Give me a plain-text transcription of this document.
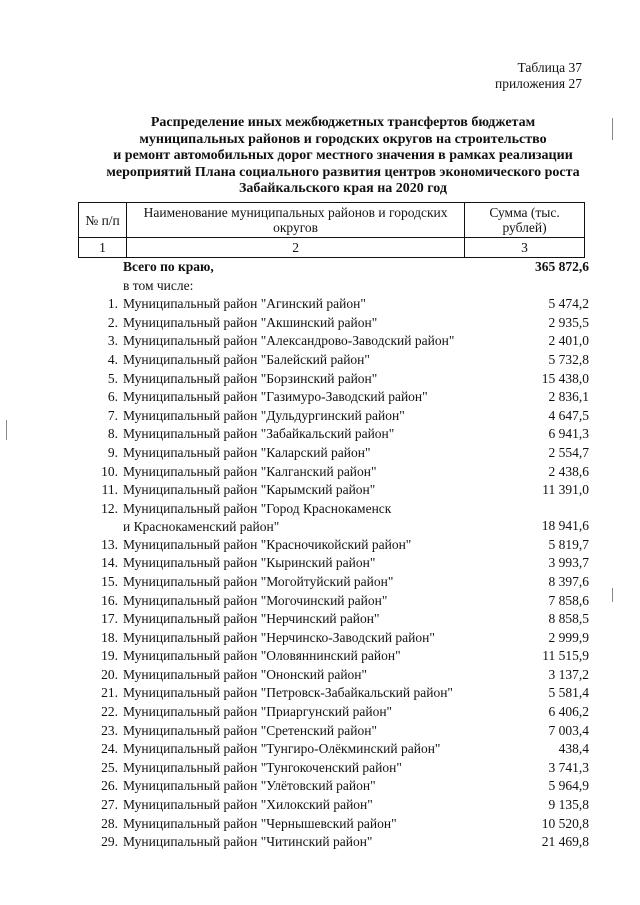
Таблица 37
приложения 27
Распределение иных межбюджетных трансфертов бюджетам
муниципальных районов и городских округов на строительство
и ремонт автомобильных дорог местного значения в рамках реализации
мероприятий Плана социального развития центров экономического роста
Забайкальского края на 2020 год
№ п/п	Наименование муниципальных районов и городских округов	Сумма (тыс. рублей)
1	2	3
Всего по краю,	365 872,6
в том числе:
1. Муниципальный район "Агинский район"	5 474,2
2. Муниципальный район "Акшинский район"	2 935,5
3. Муниципальный район "Александрово-Заводский район"	2 401,0
4. Муниципальный район "Балейский район"	5 732,8
5. Муниципальный район "Борзинский район"	15 438,0
6. Муниципальный район "Газимуро-Заводский район"	2 836,1
7. Муниципальный район "Дульдургинский район"	4 647,5
8. Муниципальный район "Забайкальский район"	6 941,3
9. Муниципальный район "Каларский район"	2 554,7
10. Муниципальный район "Калганский район"	2 438,6
11. Муниципальный район "Карымский район"	11 391,0
12. Муниципальный район "Город Краснокаменск
и Краснокаменский район"	18 941,6
13. Муниципальный район "Красночикойский район"	5 819,7
14. Муниципальный район "Кыринский район"	3 993,7
15. Муниципальный район "Могойтуйский район"	8 397,6
16. Муниципальный район "Могочинский район"	7 858,6
17. Муниципальный район "Нерчинский район"	8 858,5
18. Муниципальный район "Нерчинско-Заводский район"	2 999,9
19. Муниципальный район "Оловяннинский район"	11 515,9
20. Муниципальный район "Ононский район"	3 137,2
21. Муниципальный район "Петровск-Забайкальский район"	5 581,4
22. Муниципальный район "Приаргунский район"	6 406,2
23. Муниципальный район "Сретенский район"	7 003,4
24. Муниципальный район "Тунгиро-Олёкминский район"	438,4
25. Муниципальный район "Тунгокоченский район"	3 741,3
26. Муниципальный район "Улётовский район"	5 964,9
27. Муниципальный район "Хилокский район"	9 135,8
28. Муниципальный район "Чернышевский район"	10 520,8
29. Муниципальный район "Читинский район"	21 469,8
